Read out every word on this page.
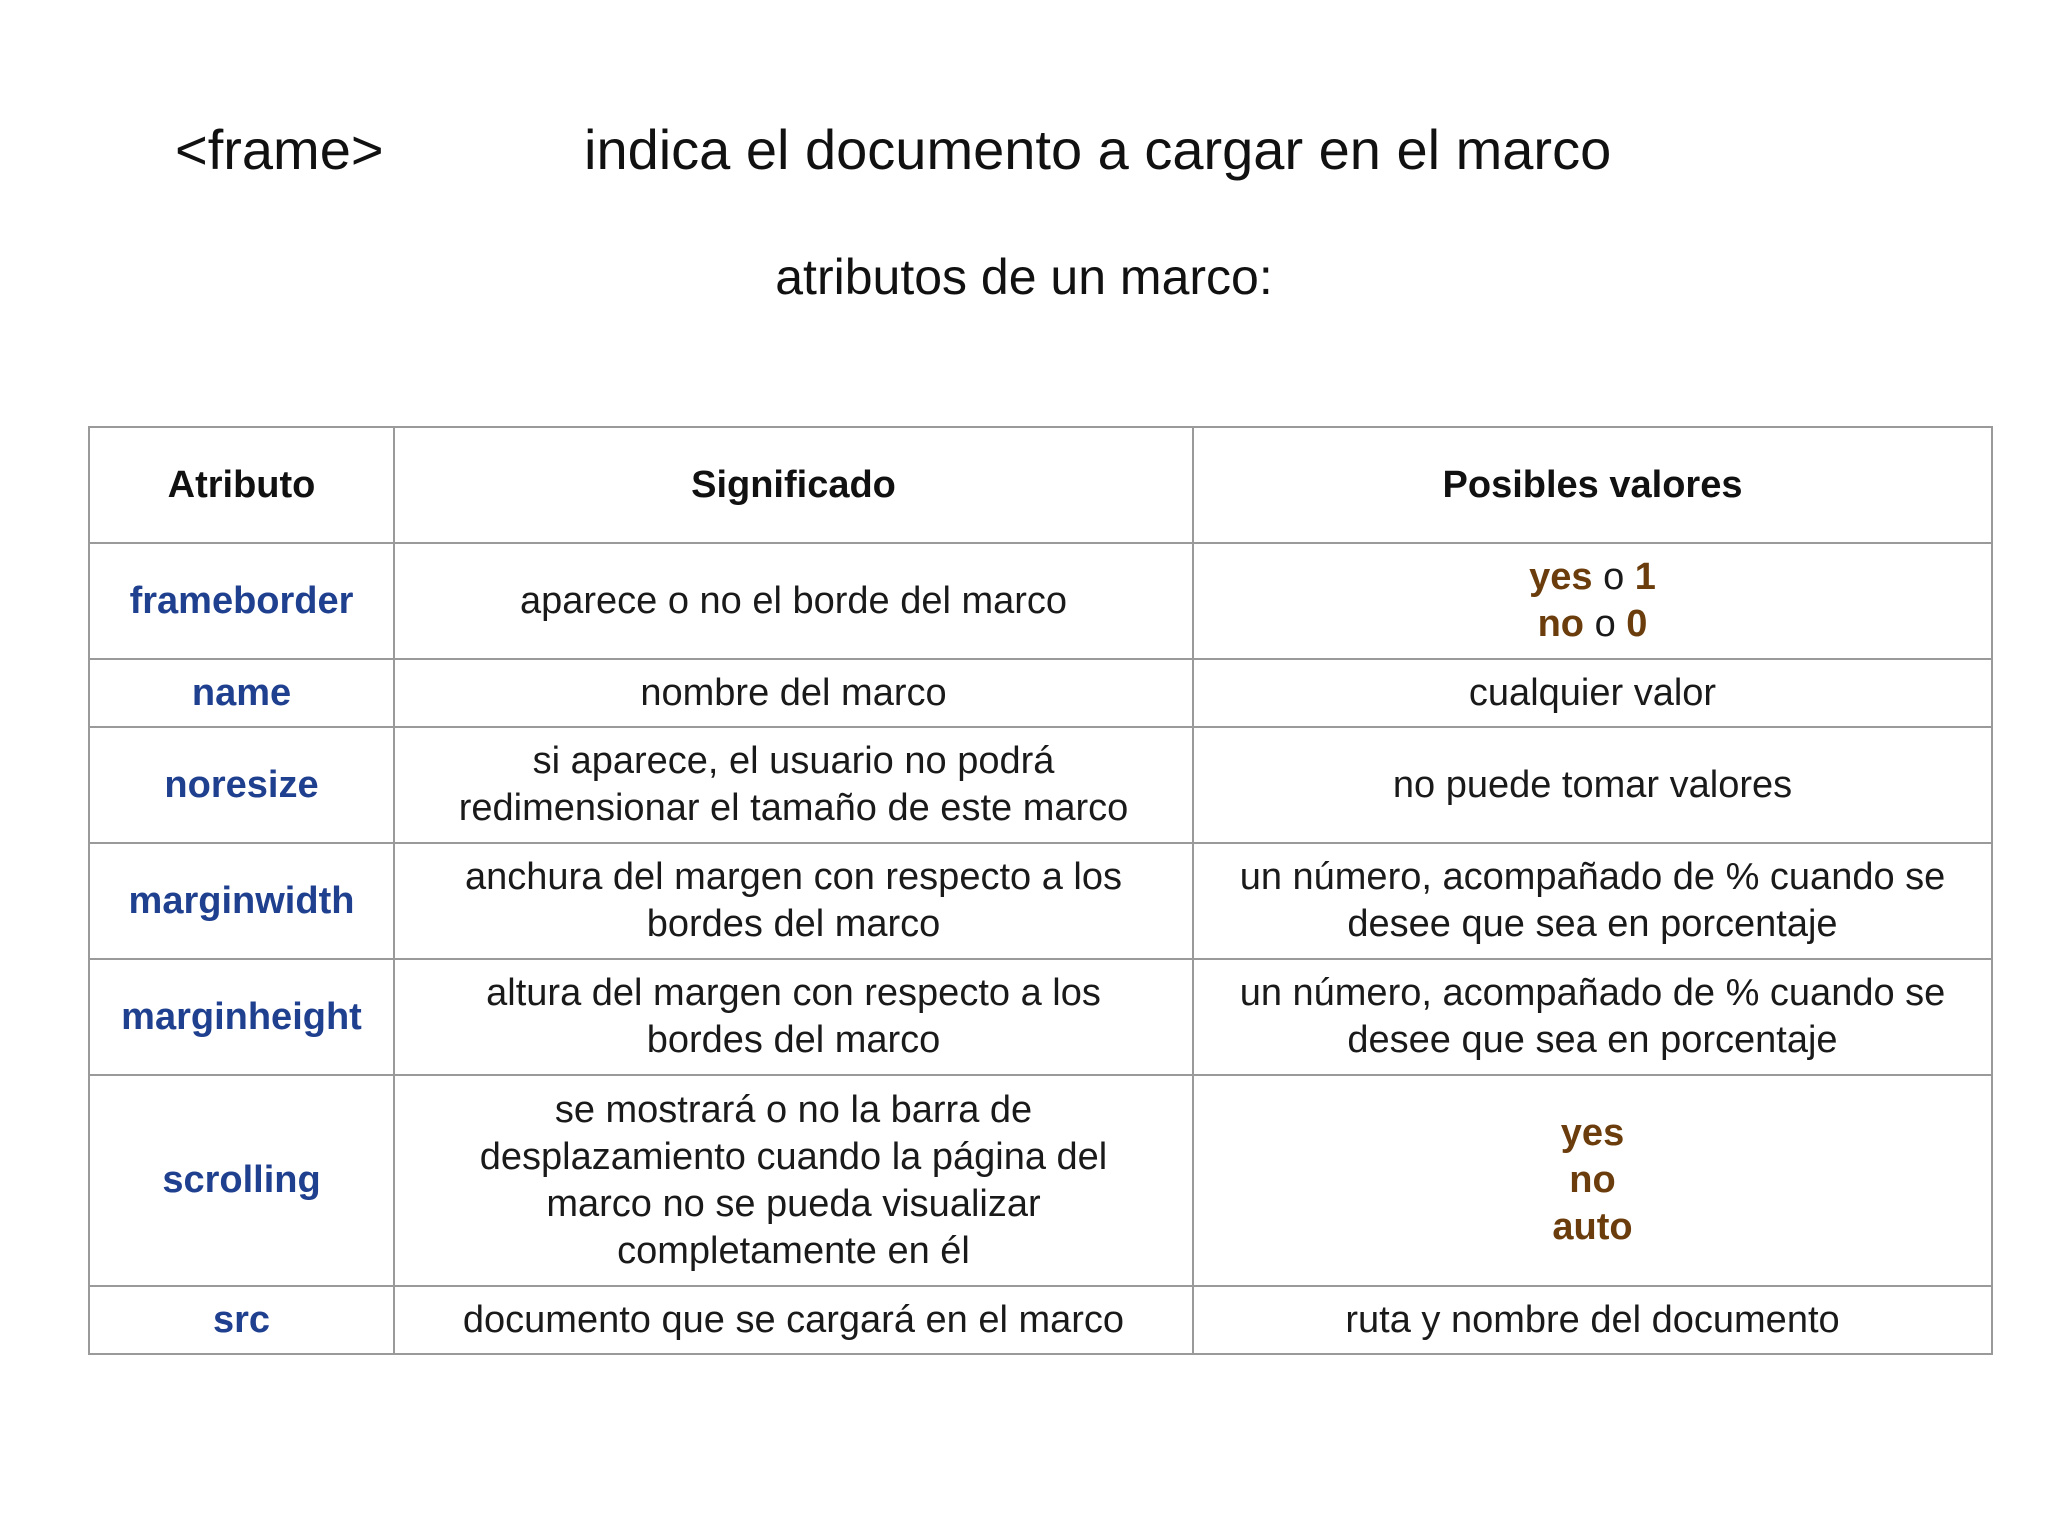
<frame>	indica el documento a cargar en el marco
atributos de un marco:
Atributo	Significado	Posibles valores
frameborder	aparece o no el borde del marco	yes o 1
no o 0

name	nombre del marco	cualquier valor

noresize	si aparece, el usuario no podrá
redimensionar el tamaño de este marco	no puede tomar valores

marginwidth	anchura del margen con respecto a los
bordes del marco	un número, acompañado de % cuando se
desee que sea en porcentaje

marginheight	altura del margen con respecto a los
bordes del marco	un número, acompañado de % cuando se
desee que sea en porcentaje

scrolling	se mostrará o no la barra de
desplazamiento cuando la página del
marco no se pueda visualizar
completamente en él	yes
no
auto

src	documento que se cargará en el marco	ruta y nombre del documento
